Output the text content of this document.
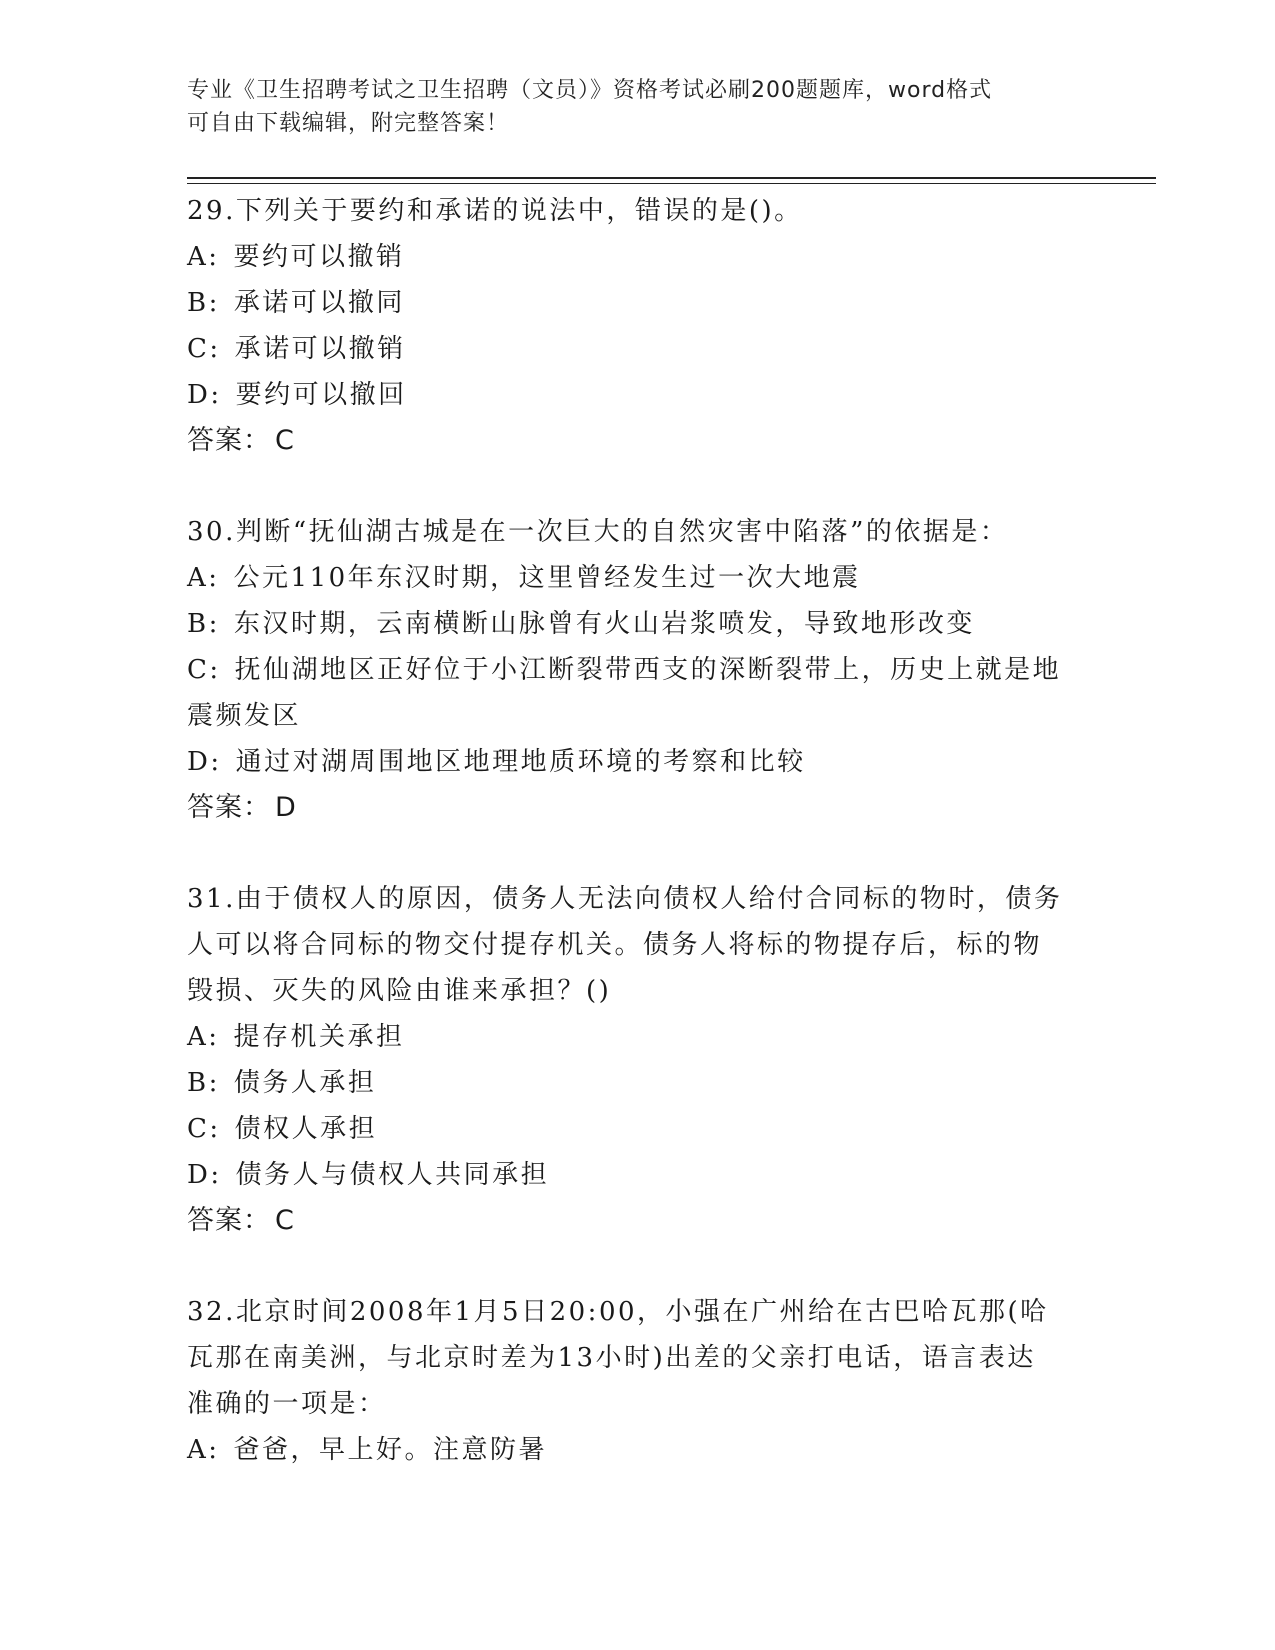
专业《卫生招聘考试之卫生招聘（文员）》资格考试必刷200题题库，word格式
可自由下载编辑，附完整答案！
29.下列关于要约和承诺的说法中，错误的是()。
A: 要约可以撤销
B: 承诺可以撤同
C: 承诺可以撤销
D: 要约可以撤回
答案： C
30.判断“抚仙湖古城是在一次巨大的自然灾害中陷落”的依据是：
A: 公元110年东汉时期，这里曾经发生过一次大地震
B: 东汉时期，云南横断山脉曾有火山岩浆喷发，导致地形改变
C: 抚仙湖地区正好位于小江断裂带西支的深断裂带上，历史上就是地
震频发区
D: 通过对湖周围地区地理地质环境的考察和比较
答案： D
31.由于债权人的原因，债务人无法向债权人给付合同标的物时，债务
人可以将合同标的物交付提存机关。债务人将标的物提存后，标的物
毁损、灭失的风险由谁来承担？()
A: 提存机关承担
B: 债务人承担
C: 债权人承担
D: 债务人与债权人共同承担
答案： C
32.北京时间2008年1月5日20:00，小强在广州给在古巴哈瓦那(哈
瓦那在南美洲，与北京时差为13小时)出差的父亲打电话，语言表达
准确的一项是：
A: 爸爸，早上好。注意防暑
